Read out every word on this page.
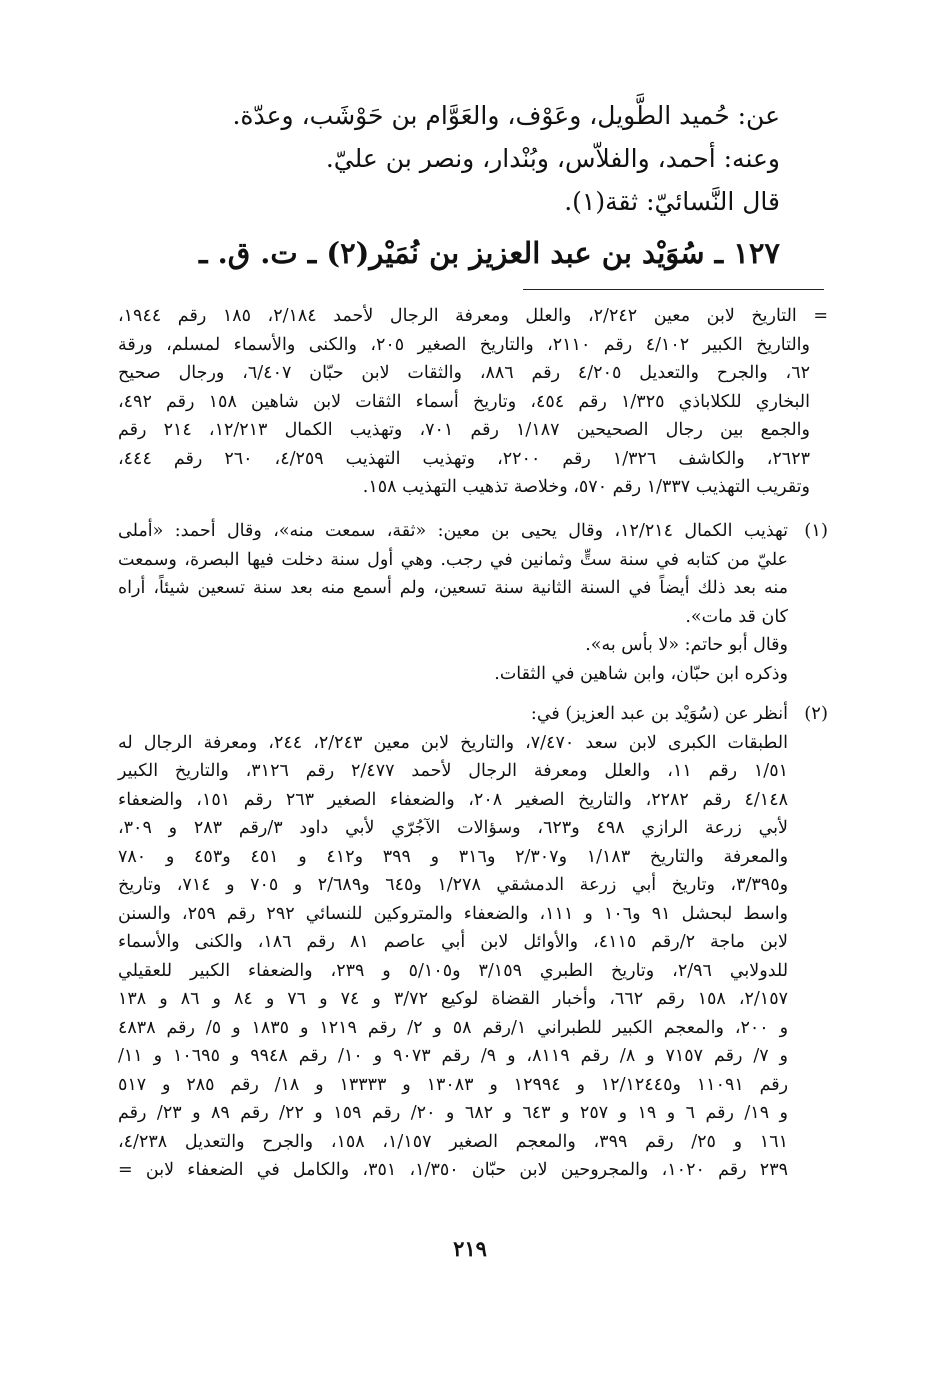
عن: حُميد الطَّويل، وعَوْف، والعَوَّام بن حَوْشَب، وعدّة.
وعنه: أحمد، والفلاّس، وبُنْدار، ونصر بن عليّ.
قال النَّسائيّ: ثقة(١).
١٢٧ ـ سُوَيْد بن عبد العزيز بن نُمَيْر(٢) ـ ت. ق. ـ
= التاريخ لابن معين ٢/٢٤٢، والعلل ومعرفة الرجال لأحمد ٢/١٨٤، ١٨٥ رقم ١٩٤٤،
والتاريخ الكبير ٤/١٠٢ رقم ٢١١٠، والتاريخ الصغير ٢٠٥، والكنى والأسماء لمسلم، ورقة
٦٢، والجرح والتعديل ٤/٢٠٥ رقم ٨٨٦، والثقات لابن حبّان ٦/٤٠٧، ورجال صحيح
البخاري للكلاباذي ١/٣٢٥ رقم ٤٥٤، وتاريخ أسماء الثقات لابن شاهين ١٥٨ رقم ٤٩٢،
والجمع بين رجال الصحيحين ١/١٨٧ رقم ٧٠١، وتهذيب الكمال ١٢/٢١٣، ٢١٤ رقم
٢٦٢٣، والكاشف ١/٣٢٦ رقم ٢٢٠٠، وتهذيب التهذيب ٤/٢٥٩، ٢٦٠ رقم ٤٤٤،
وتقريب التهذيب ١/٣٣٧ رقم ٥٧٠، وخلاصة تذهيب التهذيب ١٥٨.
(١)
تهذيب الكمال ١٢/٢١٤، وقال يحيى بن معين: «ثقة، سمعت منه»، وقال أحمد: «أملى
عليّ من كتابه في سنة ستٍّ وثمانين في رجب. وهي أول سنة دخلت فيها البصرة، وسمعت
منه بعد ذلك أيضاً في السنة الثانية سنة تسعين، ولم أسمع منه بعد سنة تسعين شيئاً، أراه
كان قد مات».
وقال أبو حاتم: «لا بأس به».
وذكره ابن حبّان، وابن شاهين في الثقات.
(٢)
أنظر عن (سُوَيْد بن عبد العزيز) في:
الطبقات الكبرى لابن سعد ٧/٤٧٠، والتاريخ لابن معين ٢/٢٤٣، ٢٤٤، ومعرفة الرجال له
١/٥١ رقم ١١، والعلل ومعرفة الرجال لأحمد ٢/٤٧٧ رقم ٣١٢٦، والتاريخ الكبير
٤/١٤٨ رقم ٢٢٨٢، والتاريخ الصغير ٢٠٨، والضعفاء الصغير ٢٦٣ رقم ١٥١، والضعفاء
لأبي زرعة الرازي ٤٩٨ و٦٢٣، وسؤالات الآجُرّي لأبي داود ٣/رقم ٢٨٣ و ٣٠٩،
والمعرفة والتاريخ ١/١٨٣ و٢/٣٠٧ و٣١٦ و ٣٩٩ و٤١٢ و ٤٥١ و٤٥٣ و ٧٨٠
و٣/٣٩٥، وتاريخ أبي زرعة الدمشقي ١/٢٧٨ و٦٤٥ و٢/٦٨٩ و ٧٠٥ و ٧١٤، وتاريخ
واسط لبحشل ٩١ و١٠٦ و ١١١، والضعفاء والمتروكين للنسائي ٢٩٢ رقم ٢٥٩، والسنن
لابن ماجة ٢/رقم ٤١١٥، والأوائل لابن أبي عاصم ٨١ رقم ١٨٦، والكنى والأسماء
للدولابي ٢/٩٦، وتاريخ الطبري ٣/١٥٩ و٥/١٠٥ و ٢٣٩، والضعفاء الكبير للعقيلي
٢/١٥٧، ١٥٨ رقم ٦٦٢، وأخبار القضاة لوكيع ٣/٧٢ و ٧٤ و ٧٦ و ٨٤ و ٨٦ و ١٣٨
و ٢٠٠، والمعجم الكبير للطبراني ١/رقم ٥٨ و ٢/ رقم ١٢١٩ و ١٨٣٥ و ٥/ رقم ٤٨٣٨
و ٧/ رقم ٧١٥٧ و ٨/ رقم ٨١١٩، و ٩/ رقم ٩٠٧٣ و ١٠/ رقم ٩٩٤٨ و ١٠٦٩٥ و ١١/
رقم ١١٠٩١ و١٢/١٢٤٤٥ و ١٢٩٩٤ و ١٣٠٨٣ و ١٣٣٣٣ و ١٨/ رقم ٢٨٥ و ٥١٧
و ١٩/ رقم ٦ و ١٩ و ٢٥٧ و ٦٤٣ و ٦٨٢ و ٢٠/ رقم ١٥٩ و ٢٢/ رقم ٨٩ و ٢٣/ رقم
١٦١ و ٢٥/ رقم ٣٩٩، والمعجم الصغير ١/١٥٧، ١٥٨، والجرح والتعديل ٤/٢٣٨،
٢٣٩ رقم ١٠٢٠، والمجروحين لابن حبّان ١/٣٥٠، ٣٥١، والكامل في الضعفاء لابن =
٢١٩
